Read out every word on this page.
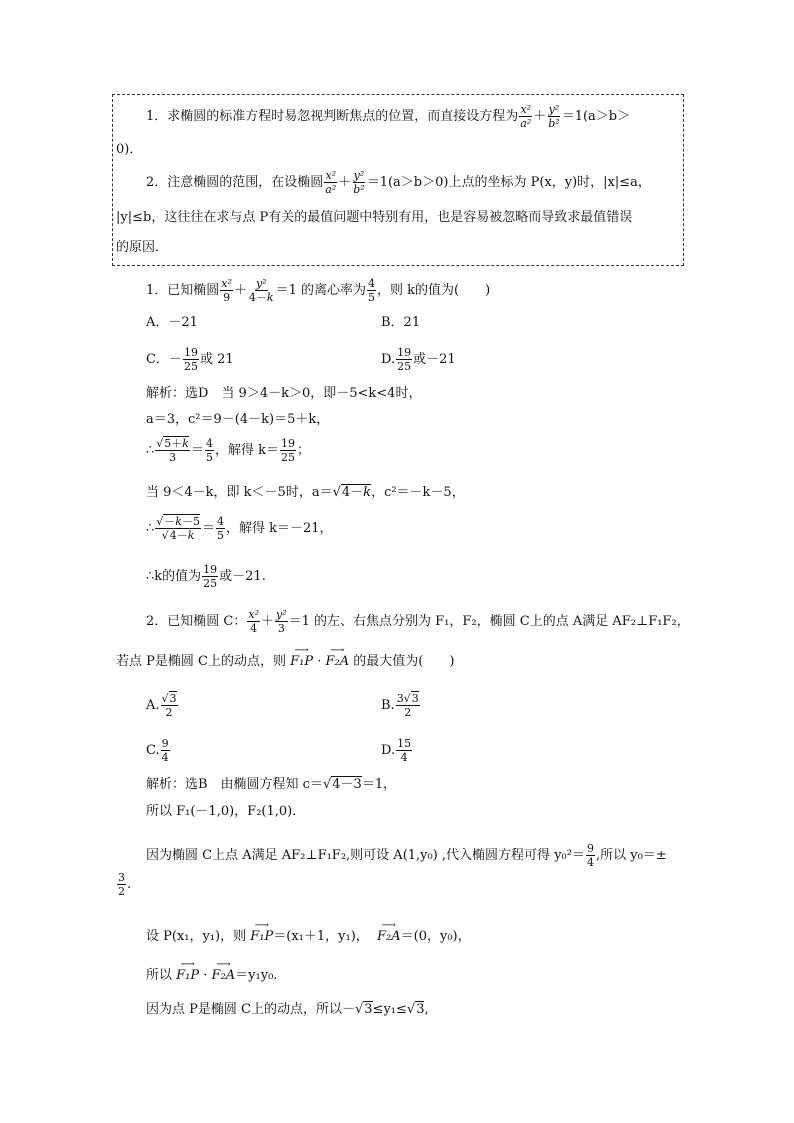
1．求椭圆的标准方程时易忽视判断焦点的位置，而直接设方程为 $\frac{\text{x²}}{\text{a²}} + \frac{\text{y²}}{\text{b²}} =1(a>b>$
0)．
2．注意椭圆的范围，在设椭圆 $\frac{\text{x²}}{\text{a²}} + \frac{\text{y²}}{\text{b²}} =1(a>b>0)$上点的坐标为 P(x，y)时，|x|≤a，
|y|≤b，这往往在求与点 P有关的最值问题中特别有用，也是容易被忽略而导致求最值错误
的原因．
1．已知椭圆 $\frac{\text{x²}}{9} + \frac{\text{y²}}{4-k} =1$ 的离心率为 $\frac{4}{5}$ ，则 k的值为(　　)
A．－21	B．21
C．－ $\frac{19}{25}$ 或 21	D. $\frac{19}{25}$ 或－21
解析：选D　当 9＞4－k＞0，即－5<k<4时，
a＝3，c²＝9－(4－k)＝5＋k，
∴ $\frac{√5+k}{3} = \frac{4}{5}$ ，解得 $k= \frac{19}{25}$ ；
当 9＜4－k，即 k＜－5时，a＝√4－k，c²＝－k－5，
∴ $\frac{√-k-5}{√4-k} = \frac{4}{5}$ ，解得 k＝－21，
∴k的值为 $\frac{19}{25}$ 或－21.
2．已知椭圆 C： $\frac{\text{x²}}{4} + \frac{\text{y²}}{3} =1$ 的左、右焦点分别为 F₁，F₂，椭圆 C上的点 A满足 AF₂⊥F₁F₂，
若点 P是椭圆 C上的动点，则 ⟶ F₁P · ⟶ F₂A 的最大值为(　　)
A. $\frac{√3}{2}$	B. $\frac{3√3}{2}$
C. $\frac{9}{4}$	D. $\frac{15}{4}$
解析：选B　由椭圆方程知 c＝√4－3＝1，
所以 F₁(－1,0)，F₂(1,0)．
因为椭圆 C上点 A满足 AF₂⊥F₁F₂,则可设 A(1,y₀) ,代入椭圆方程可得 $y_0^2= \frac{9}{4}$ ,所以 y₀＝±
$\frac{3}{2}$ .
设 P(x₁，y₁)，则 ⟶ F₁P＝(x₁＋1，y₁)， ⟶ F₂A＝(0，y₀)，
所以 ⟶ F₁P · ⟶ F₂A＝y₁y₀.
因为点 P是椭圆 C上的动点，所以－√3≤y₁≤√3,
